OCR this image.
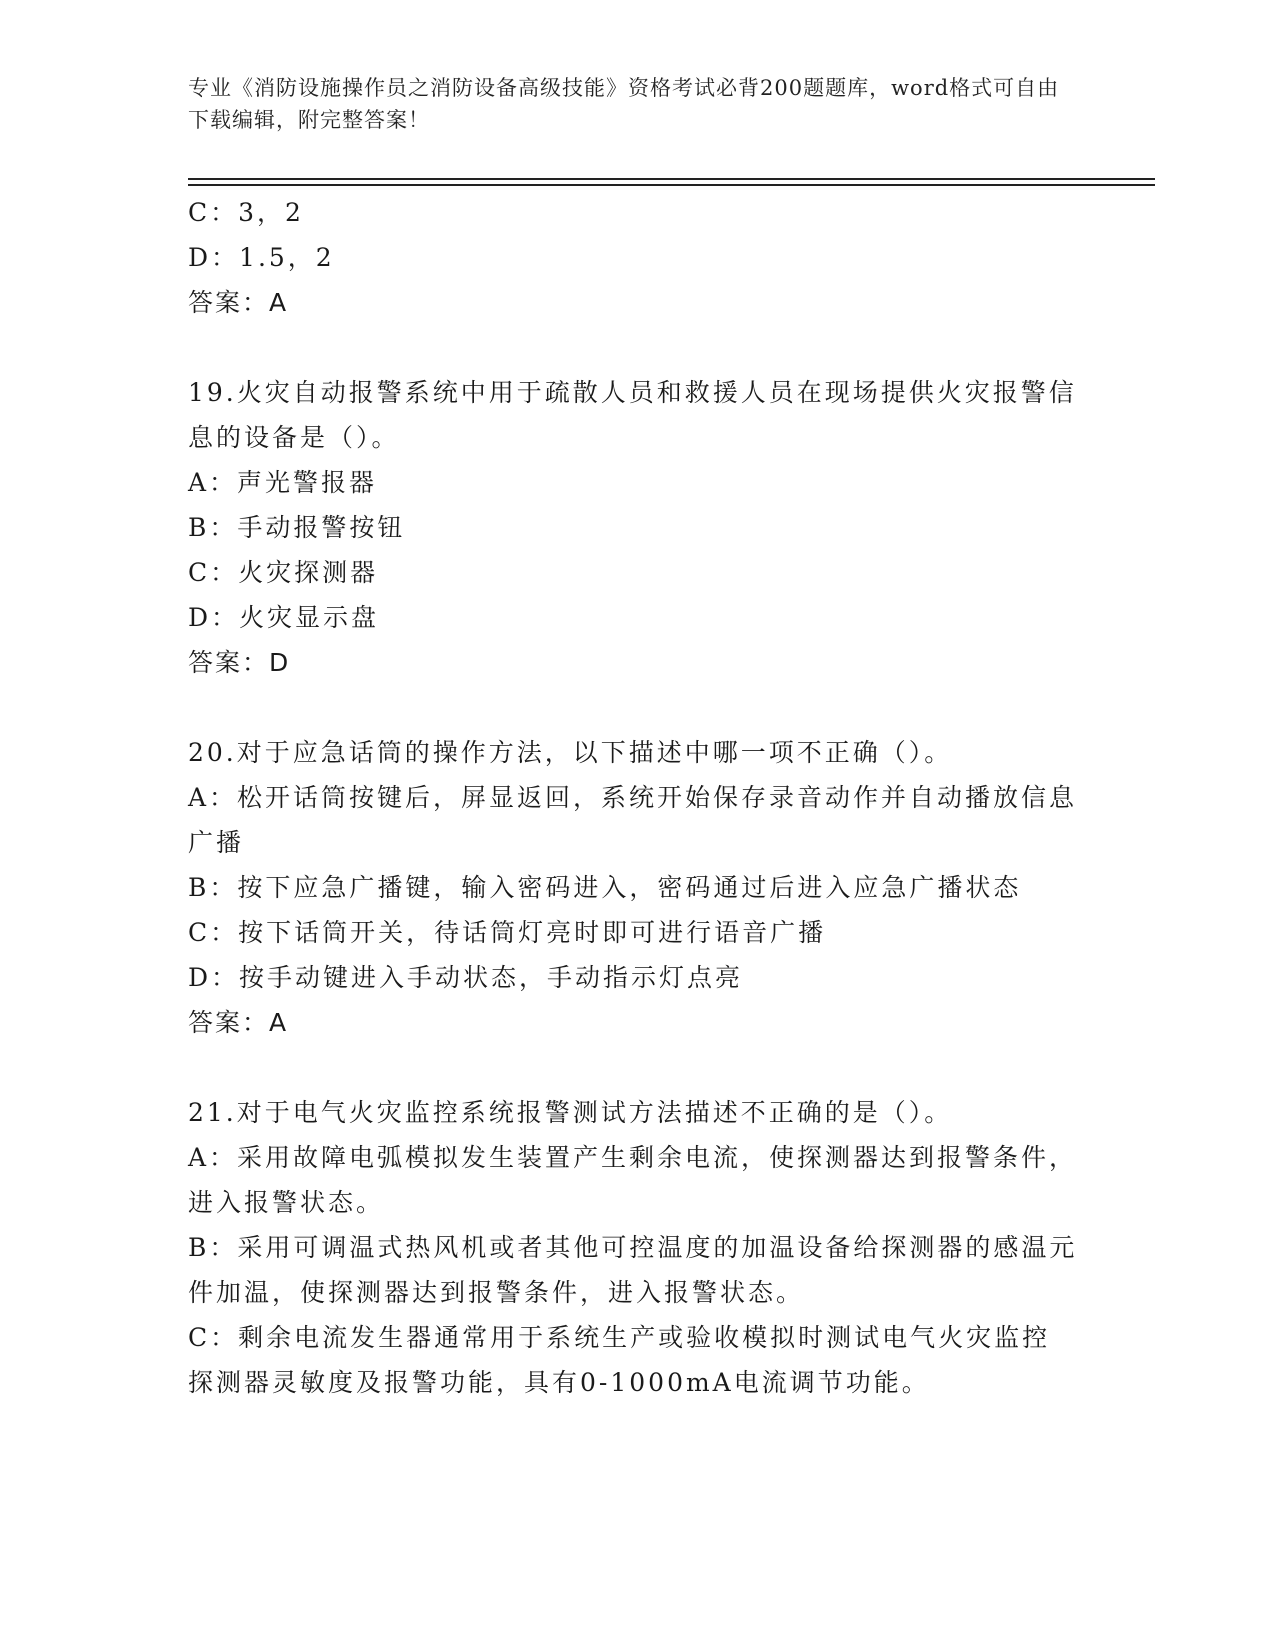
专业《消防设施操作员之消防设备高级技能》资格考试必背200题题库，word格式可自由下载编辑，附完整答案！
C：3，2
D：1.5，2
答案：A
19.火灾自动报警系统中用于疏散人员和救援人员在现场提供火灾报警信息的设备是（）。
A：声光警报器
B：手动报警按钮
C：火灾探测器
D：火灾显示盘
答案：D
20.对于应急话筒的操作方法，以下描述中哪一项不正确（）。
A：松开话筒按键后，屏显返回，系统开始保存录音动作并自动播放信息广播
B：按下应急广播键，输入密码进入，密码通过后进入应急广播状态
C：按下话筒开关，待话筒灯亮时即可进行语音广播
D：按手动键进入手动状态，手动指示灯点亮
答案：A
21.对于电气火灾监控系统报警测试方法描述不正确的是（）。
A：采用故障电弧模拟发生装置产生剩余电流，使探测器达到报警条件，进入报警状态。
B：采用可调温式热风机或者其他可控温度的加温设备给探测器的感温元件加温，使探测器达到报警条件，进入报警状态。
C：剩余电流发生器通常用于系统生产或验收模拟时测试电气火灾监控探测器灵敏度及报警功能，具有0-1000mA电流调节功能。
